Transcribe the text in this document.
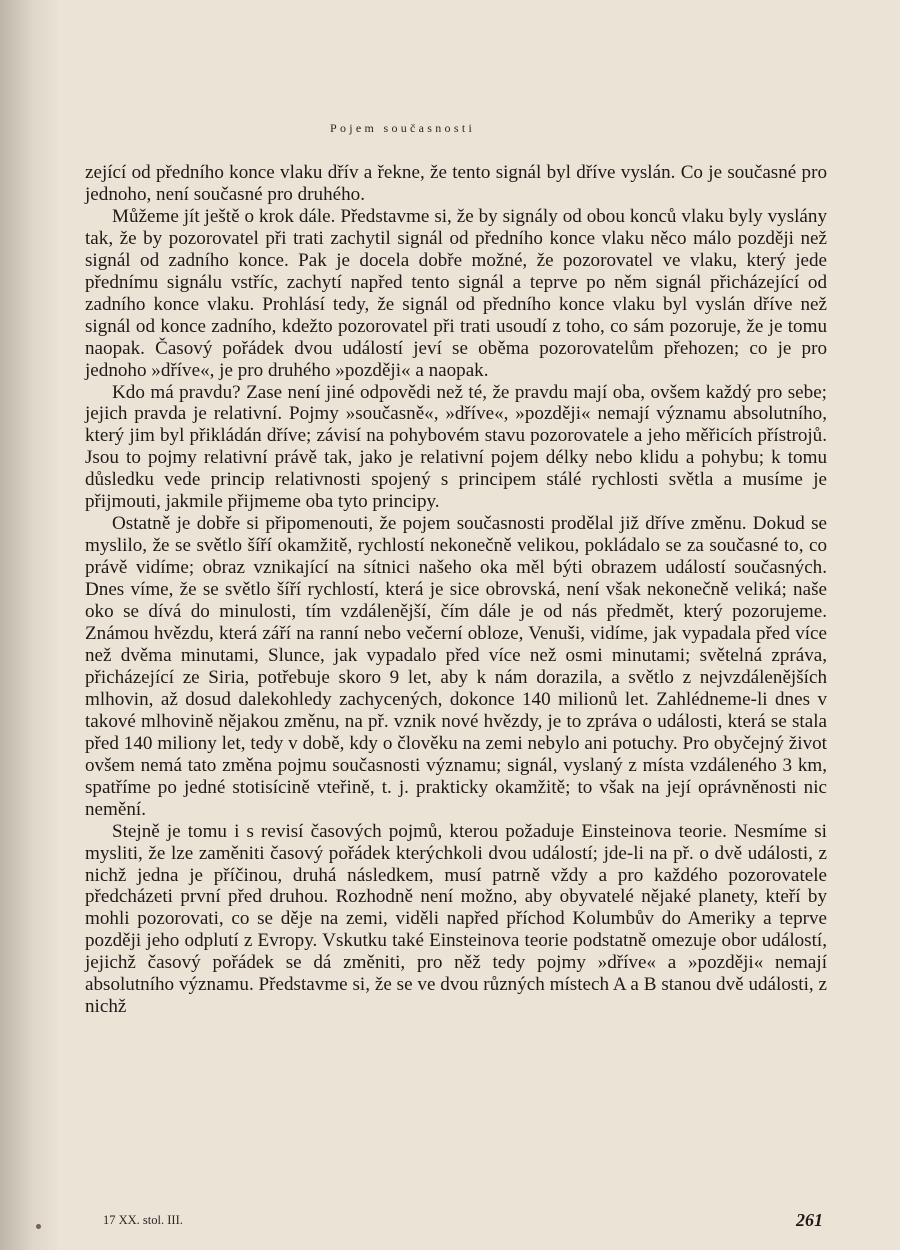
Pojem současnosti

zející od předního konce vlaku dřív a řekne, že tento signál byl dříve vyslán. Co je současné pro jednoho, není současné pro druhého.

Můžeme jít ještě o krok dále. Představme si, že by signály od obou konců vlaku byly vyslány tak, že by pozorovatel při trati zachytil signál od předního konce vlaku něco málo později než signál od zadního konce. Pak je docela dobře možné, že pozorovatel ve vlaku, který jede přednímu signálu vstříc, zachytí napřed tento signál a teprve po něm signál přicházející od zadního konce vlaku. Prohlásí tedy, že signál od předního konce vlaku byl vyslán dříve než signál od konce zadního, kdežto pozorovatel při trati usoudí z toho, co sám pozoruje, že je tomu naopak. Časový pořádek dvou událostí jeví se oběma pozorovatelům přehozen; co je pro jednoho »dříve«, je pro druhého »později« a naopak.

Kdo má pravdu? Zase není jiné odpovědi než té, že pravdu mají oba, ovšem každý pro sebe; jejich pravda je relativní. Pojmy »současně«, »dříve«, »později« nemají významu absolutního, který jim byl přikládán dříve; závisí na pohybovém stavu pozorovatele a jeho měřicích přístrojů. Jsou to pojmy relativní právě tak, jako je relativní pojem délky nebo klidu a pohybu; k tomu důsledku vede princip relativnosti spojený s principem stálé rychlosti světla a musíme je přijmouti, jakmile přijmeme oba tyto principy.

Ostatně je dobře si připomenouti, že pojem současnosti prodělal již dříve změnu. Dokud se myslilo, že se světlo šíří okamžitě, rychlostí nekonečně velikou, pokládalo se za současné to, co právě vidíme; obraz vznikající na sítnici našeho oka měl býti obrazem událostí současných. Dnes víme, že se světlo šíří rychlostí, která je sice obrovská, není však nekonečně veliká; naše oko se dívá do minulosti, tím vzdálenější, čím dále je od nás předmět, který pozorujeme. Známou hvězdu, která září na ranní nebo večerní obloze, Venuši, vidíme, jak vypadala před více než dvěma minutami, Slunce, jak vypadalo před více než osmi minutami; světelná zpráva, přicházející ze Siria, potřebuje skoro 9 let, aby k nám dorazila, a světlo z nejvzdálenějších mlhovin, až dosud dalekohledy zachycených, dokonce 140 milionů let. Zahlédneme-li dnes v takové mlhovině nějakou změnu, na př. vznik nové hvězdy, je to zpráva o události, která se stala před 140 miliony let, tedy v době, kdy o člověku na zemi nebylo ani potuchy. Pro obyčejný život ovšem nemá tato změna pojmu současnosti významu; signál, vyslaný z místa vzdáleného 3 km, spatříme po jedné stotisícině vteřině, t. j. prakticky okamžitě; to však na její oprávněnosti nic nemění.

Stejně je tomu i s revisí časových pojmů, kterou požaduje Einsteinova teorie. Nesmíme si mysliti, že lze zaměniti časový pořádek kterýchkoli dvou událostí; jde-li na př. o dvě události, z nichž jedna je příčinou, druhá následkem, musí patrně vždy a pro každého pozorovatele předcházeti první před druhou. Rozhodně není možno, aby obyvatelé nějaké planety, kteří by mohli pozorovati, co se děje na zemi, viděli napřed příchod Kolumbův do Ameriky a teprve později jeho odplutí z Evropy. Vskutku také Einsteinova teorie podstatně omezuje obor událostí, jejichž časový pořádek se dá změniti, pro něž tedy pojmy »dříve« a »později« nemají absolutního významu. Představme si, že se ve dvou různých místech A a B stanou dvě události, z nichž

17 XX. stol. III.	261
